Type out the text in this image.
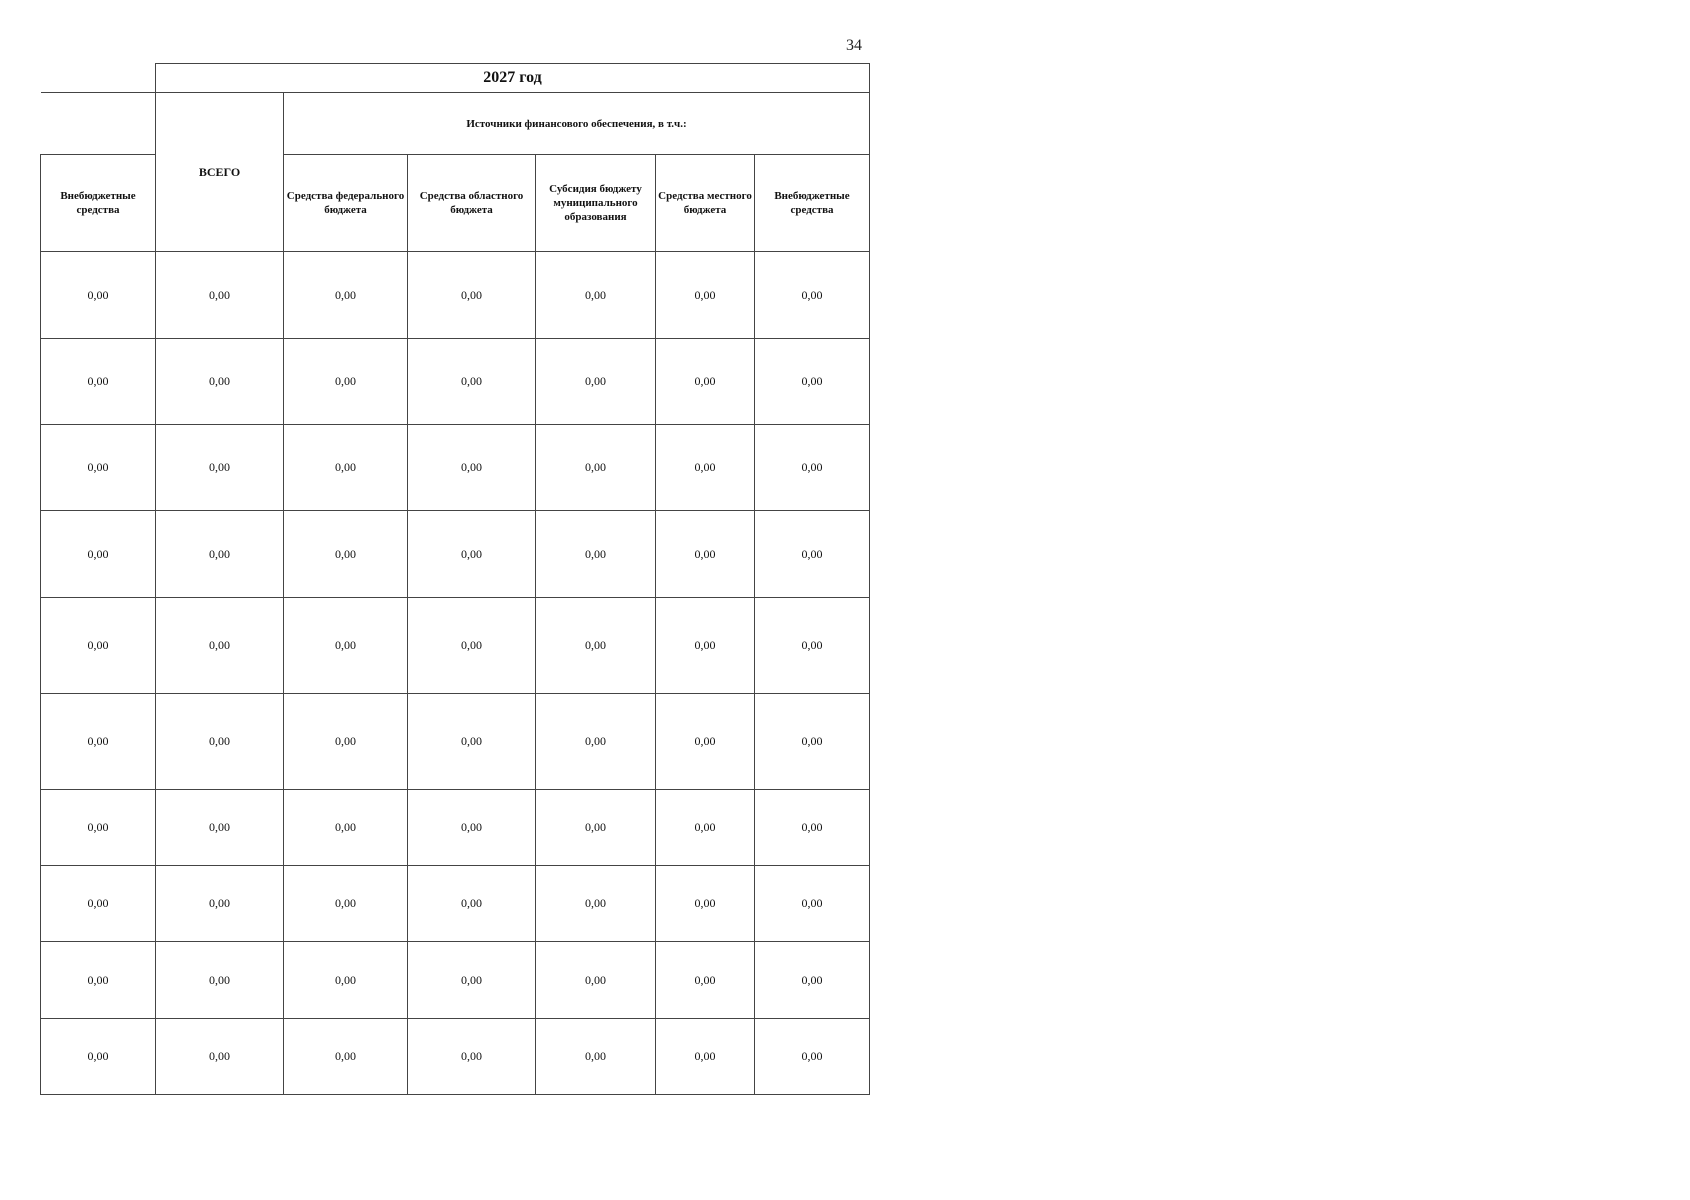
34
	2027 год					
	ВСЕГО	Источники финансового обеспечения, в т.ч.:				
Внебюджетные средства		Средства федерального бюджета	Средства областного бюджета	Субсидия бюджету муниципального образования	Средства местного бюджета	Внебюджетные средства
0,00	0,00	0,00	0,00	0,00	0,00	0,00
0,00	0,00	0,00	0,00	0,00	0,00	0,00
0,00	0,00	0,00	0,00	0,00	0,00	0,00
0,00	0,00	0,00	0,00	0,00	0,00	0,00
0,00	0,00	0,00	0,00	0,00	0,00	0,00
0,00	0,00	0,00	0,00	0,00	0,00	0,00
0,00	0,00	0,00	0,00	0,00	0,00	0,00
0,00	0,00	0,00	0,00	0,00	0,00	0,00
0,00	0,00	0,00	0,00	0,00	0,00	0,00
0,00	0,00	0,00	0,00	0,00	0,00	0,00
